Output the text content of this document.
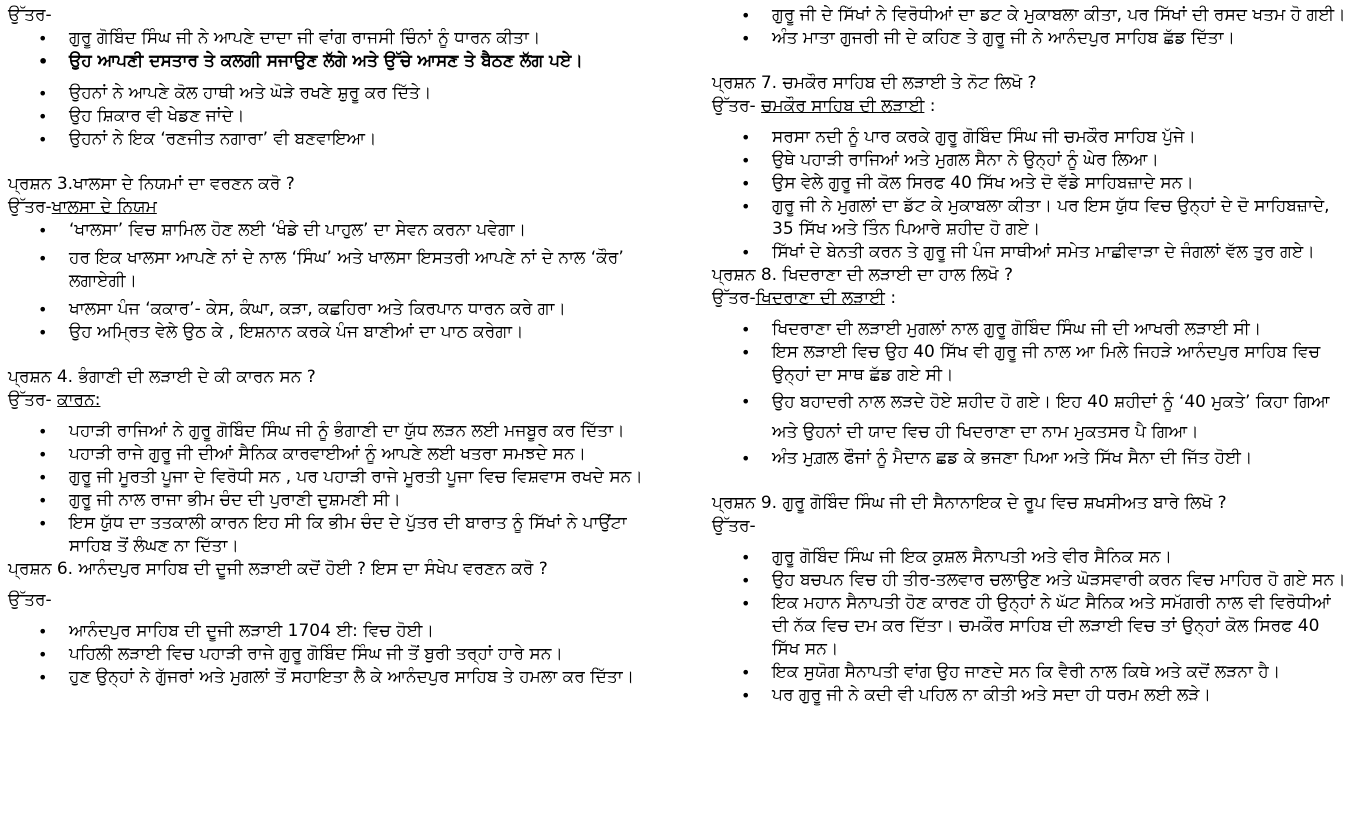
ਉੱਤਰ-

• ਗੁਰੂ ਗੋਬਿੰਦ ਸਿੰਘ ਜੀ ਨੇ ਆਪਣੇ ਦਾਦਾ ਜੀ ਵਾਂਗ ਰਾਜਸੀ ਚਿੰਨਾਂ ਨੂੰ ਧਾਰਨ ਕੀਤਾ।
• ਉਹ ਆਪਣੀ ਦਸਤਾਰ ਤੇ ਕਲਗੀ ਸਜਾਉਣ ਲੱਗੇ ਅਤੇ ਉੱਚੇ ਆਸਣ ਤੇ ਬੈਠਣ ਲੱਗ ਪਏ।
• ਉਹਨਾਂ ਨੇ ਆਪਣੇ ਕੋਲ ਹਾਥੀ ਅਤੇ ਘੋੜੇ ਰਖਣੇ ਸ਼ੁਰੂ ਕਰ ਦਿੱਤੇ।
• ਉਹ ਸ਼ਿਕਾਰ ਵੀ ਖੇਡਣ ਜਾਂਦੇ।
• ਉਹਨਾਂ ਨੇ ਇਕ ‘ਰਣਜੀਤ ਨਗਾਰਾ’ ਵੀ ਬਣਵਾਇਆ।

ਪ੍ਰਸ਼ਨ 3.ਖਾਲਸਾ ਦੇ ਨਿਯਮਾਂ ਦਾ ਵਰਣਨ ਕਰੋ ?

ਉੱਤਰ-ਖਾਲਸਾ ਦੇ ਨਿਯਮ

• ‘ਖਾਲਸਾ’ ਵਿਚ ਸ਼ਾਮਿਲ ਹੋਣ ਲਈ ‘ਖੰਡੇ ਦੀ ਪਾਹੁਲ’ ਦਾ ਸੇਵਨ ਕਰਨਾ ਪਵੇਗਾ।
• ਹਰ ਇਕ ਖਾਲਸਾ ਆਪਣੇ ਨਾਂ ਦੇ ਨਾਲ ‘ਸਿੰਘ’ ਅਤੇ ਖਾਲਸਾ ਇਸਤਰੀ ਆਪਣੇ ਨਾਂ ਦੇ ਨਾਲ ‘ਕੌਰ’ ਲਗਾਏਗੀ।
• ਖਾਲਸਾ ਪੰਜ ‘ਕਕਾਰ’- ਕੇਸ, ਕੰਘਾ, ਕੜਾ, ਕਛਹਿਰਾ ਅਤੇ ਕਿਰਪਾਨ ਧਾਰਨ ਕਰੇ ਗਾ।
• ਉਹ ਅਮ੍ਰਿਤ ਵੇਲੇ ਉਠ ਕੇ , ਇਸ਼ਨਾਨ ਕਰਕੇ ਪੰਜ ਬਾਣੀਆਂ ਦਾ ਪਾਠ ਕਰੇਗਾ।

ਪ੍ਰਸ਼ਨ 4. ਭੰਗਾਣੀ ਦੀ ਲੜਾਈ ਦੇ ਕੀ ਕਾਰਨ ਸਨ ?

ਉੱਤਰ- ਕਾਰਨ:

• ਪਹਾੜੀ ਰਾਜਿਆਂ ਨੇ ਗੁਰੂ ਗੋਬਿੰਦ ਸਿੰਘ ਜੀ ਨੂੰ ਭੰਗਾਣੀ ਦਾ ਯੁੱਧ ਲੜਨ ਲਈ ਮਜਬੂਰ ਕਰ ਦਿੱਤਾ।
• ਪਹਾੜੀ ਰਾਜੇ ਗੁਰੂ ਜੀ ਦੀਆਂ ਸੈਨਿਕ ਕਾਰਵਾਈਆਂ ਨੂੰ ਆਪਣੇ ਲਈ ਖਤਰਾ ਸਮਝਦੇ ਸਨ।
• ਗੁਰੂ ਜੀ ਮੂਰਤੀ ਪੂਜਾ ਦੇ ਵਿਰੋਧੀ ਸਨ , ਪਰ ਪਹਾੜੀ ਰਾਜੇ ਮੂਰਤੀ ਪੂਜਾ ਵਿਚ ਵਿਸ਼ਵਾਸ ਰਖਦੇ ਸਨ।
• ਗੁਰੂ ਜੀ ਨਾਲ ਰਾਜਾ ਭੀਮ ਚੰਦ ਦੀ ਪੁਰਾਣੀ ਦੁਸ਼ਮਣੀ ਸੀ।
• ਇਸ ਯੁੱਧ ਦਾ ਤਤਕਾਲੀ ਕਾਰਨ ਇਹ ਸੀ ਕਿ ਭੀਮ ਚੰਦ ਦੇ ਪੁੱਤਰ ਦੀ ਬਾਰਾਤ ਨੂੰ ਸਿੱਖਾਂ ਨੇ ਪਾਉਂਟਾ ਸਾਹਿਬ ਤੋਂ ਲੰਘਣ ਨਾ ਦਿੱਤਾ।

ਪ੍ਰਸ਼ਨ 6. ਆਨੰਦਪੁਰ ਸਾਹਿਬ ਦੀ ਦੂਜੀ ਲੜਾਈ ਕਦੋਂ ਹੋਈ ? ਇਸ ਦਾ ਸੰਖੇਪ ਵਰਣਨ ਕਰੋ ?

ਉੱਤਰ-

• ਆਨੰਦਪੁਰ ਸਾਹਿਬ ਦੀ ਦੂਜੀ ਲੜਾਈ 1704 ਈ: ਵਿਚ ਹੋਈ।
• ਪਹਿਲੀ ਲੜਾਈ ਵਿਚ ਪਹਾੜੀ ਰਾਜੇ ਗੁਰੂ ਗੋਬਿੰਦ ਸਿੰਘ ਜੀ ਤੋਂ ਬੁਰੀ ਤਰ੍ਹਾਂ ਹਾਰੇ ਸਨ।
• ਹੁਣ ਉਨ੍ਹਾਂ ਨੇ ਗੁੱਜਰਾਂ ਅਤੇ ਮੁਗਲਾਂ ਤੋਂ ਸਹਾਇਤਾ ਲੈ ਕੇ ਆਨੰਦਪੁਰ ਸਾਹਿਬ ਤੇ ਹਮਲਾ ਕਰ ਦਿੱਤਾ।
• ਗੁਰੂ ਜੀ ਦੇ ਸਿੱਖਾਂ ਨੇ ਵਿਰੋਧੀਆਂ ਦਾ ਡਟ ਕੇ ਮੁਕਾਬਲਾ ਕੀਤਾ, ਪਰ ਸਿੱਖਾਂ ਦੀ ਰਸਦ ਖਤਮ ਹੋ ਗਈ।
• ਅੰਤ ਮਾਤਾ ਗੁਜਰੀ ਜੀ ਦੇ ਕਹਿਣ ਤੇ ਗੁਰੂ ਜੀ ਨੇ ਆਨੰਦਪੁਰ ਸਾਹਿਬ ਛੱਡ ਦਿੱਤਾ।

ਪ੍ਰਸ਼ਨ 7. ਚਮਕੌਰ ਸਾਹਿਬ ਦੀ ਲੜਾਈ ਤੇ ਨੋਟ ਲਿਖੋ ?

ਉੱਤਰ- ਚਮਕੌਰ ਸਾਹਿਬ ਦੀ ਲੜਾਈ :

• ਸਰਸਾ ਨਦੀ ਨੂੰ ਪਾਰ ਕਰਕੇ ਗੁਰੂ ਗੋਬਿੰਦ ਸਿੰਘ ਜੀ ਚਮਕੌਰ ਸਾਹਿਬ ਪੁੱਜੇ।
• ਉਥੇ ਪਹਾੜੀ ਰਾਜਿਆਂ ਅਤੇ ਮੁਗਲ ਸੈਨਾ ਨੇ ਉਨ੍ਹਾਂ ਨੂੰ ਘੇਰ ਲਿਆ।
• ਉਸ ਵੇਲੇ ਗੁਰੂ ਜੀ ਕੋਲ ਸਿਰਫ 40 ਸਿੱਖ ਅਤੇ ਦੋ ਵੱਡੇ ਸਾਹਿਬਜ਼ਾਦੇ ਸਨ।
• ਗੁਰੂ ਜੀ ਨੇ ਮੁਗਲਾਂ ਦਾ ਡੱਟ ਕੇ ਮੁਕਾਬਲਾ ਕੀਤਾ। ਪਰ ਇਸ ਯੁੱਧ ਵਿਚ ਉਨ੍ਹਾਂ ਦੇ ਦੋ ਸਾਹਿਬਜ਼ਾਦੇ, 35 ਸਿੱਖ ਅਤੇ ਤਿੰਨ ਪਿਆਰੇ ਸ਼ਹੀਦ ਹੋ ਗਏ।
• ਸਿੱਖਾਂ ਦੇ ਬੇਨਤੀ ਕਰਨ ਤੇ ਗੁਰੂ ਜੀ ਪੰਜ ਸਾਥੀਆਂ ਸਮੇਤ ਮਾਛੀਵਾੜਾ ਦੇ ਜੰਗਲਾਂ ਵੱਲ ਤੁਰ ਗਏ।

ਪ੍ਰਸ਼ਨ 8. ਖਿਦਰਾਣਾ ਦੀ ਲੜਾਈ ਦਾ ਹਾਲ ਲਿਖੋ ?

ਉੱਤਰ-ਖਿਦਰਾਣਾ ਦੀ ਲੜਾਈ :

• ਖਿਦਰਾਣਾ ਦੀ ਲੜਾਈ ਮੁਗਲਾਂ ਨਾਲ ਗੁਰੂ ਗੋਬਿੰਦ ਸਿੰਘ ਜੀ ਦੀ ਆਖਰੀ ਲੜਾਈ ਸੀ।
• ਇਸ ਲੜਾਈ ਵਿਚ ਉਹ 40 ਸਿੱਖ ਵੀ ਗੁਰੂ ਜੀ ਨਾਲ ਆ ਮਿਲੇ ਜਿਹੜੇ ਆਨੰਦਪੁਰ ਸਾਹਿਬ ਵਿਚ ਉਨ੍ਹਾਂ ਦਾ ਸਾਥ ਛੱਡ ਗਏ ਸੀ।
• ਉਹ ਬਹਾਦਰੀ ਨਾਲ ਲੜਦੇ ਹੋਏ ਸ਼ਹੀਦ ਹੋ ਗਏ। ਇਹ 40 ਸ਼ਹੀਦਾਂ ਨੂੰ ‘40 ਮੁਕਤੇ’ ਕਿਹਾ ਗਿਆ ਅਤੇ ਉਹਨਾਂ ਦੀ ਯਾਦ ਵਿਚ ਹੀ ਖਿਦਰਾਣਾ ਦਾ ਨਾਮ ਮੁਕਤਸਰ ਪੈ ਗਿਆ।
• ਅੰਤ ਮੁਗ਼ਲ ਫੌਜਾਂ ਨੂੰ ਮੈਦਾਨ ਛਡ ਕੇ ਭਜਣਾ ਪਿਆ ਅਤੇ ਸਿੱਖ ਸੈਨਾ ਦੀ ਜਿੱਤ ਹੋਈ।

ਪ੍ਰਸ਼ਨ 9. ਗੁਰੂ ਗੋਬਿੰਦ ਸਿੰਘ ਜੀ ਦੀ ਸੈਨਾਨਾਇਕ ਦੇ ਰੂਪ ਵਿਚ ਸ਼ਖਸੀਅਤ ਬਾਰੇ ਲਿਖੋ ?

ਉੱਤਰ-

• ਗੁਰੂ ਗੋਬਿੰਦ ਸਿੰਘ ਜੀ ਇਕ ਕੁਸ਼ਲ ਸੈਨਾਪਤੀ ਅਤੇ ਵੀਰ ਸੈਨਿਕ ਸਨ।
• ਉਹ ਬਚਪਨ ਵਿਚ ਹੀ ਤੀਰ-ਤਲਵਾਰ ਚਲਾਉਣ ਅਤੇ ਘੋੜਸਵਾਰੀ ਕਰਨ ਵਿਚ ਮਾਹਿਰ ਹੋ ਗਏ ਸਨ।
• ਇਕ ਮਹਾਨ ਸੈਨਾਪਤੀ ਹੋਣ ਕਾਰਣ ਹੀ ਉਨ੍ਹਾਂ ਨੇ ਘੱਟ ਸੈਨਿਕ ਅਤੇ ਸਮੱਗਰੀ ਨਾਲ ਵੀ ਵਿਰੋਧੀਆਂ ਦੀ ਨੱਕ ਵਿਚ ਦਮ ਕਰ ਦਿੱਤਾ। ਚਮਕੌਰ ਸਾਹਿਬ ਦੀ ਲੜਾਈ ਵਿਚ ਤਾਂ ਉਨ੍ਹਾਂ ਕੋਲ ਸਿਰਫ 40 ਸਿੱਖ ਸਨ।
• ਇਕ ਸੁਯੋਗ ਸੈਨਾਪਤੀ ਵਾਂਗ ਉਹ ਜਾਣਦੇ ਸਨ ਕਿ ਵੈਰੀ ਨਾਲ ਕਿਥੇ ਅਤੇ ਕਦੋਂ ਲੜਨਾ ਹੈ।
• ਪਰ ਗੁਰੂ ਜੀ ਨੇ ਕਦੀ ਵੀ ਪਹਿਲ ਨਾ ਕੀਤੀ ਅਤੇ ਸਦਾ ਹੀ ਧਰਮ ਲਈ ਲੜੇ।
